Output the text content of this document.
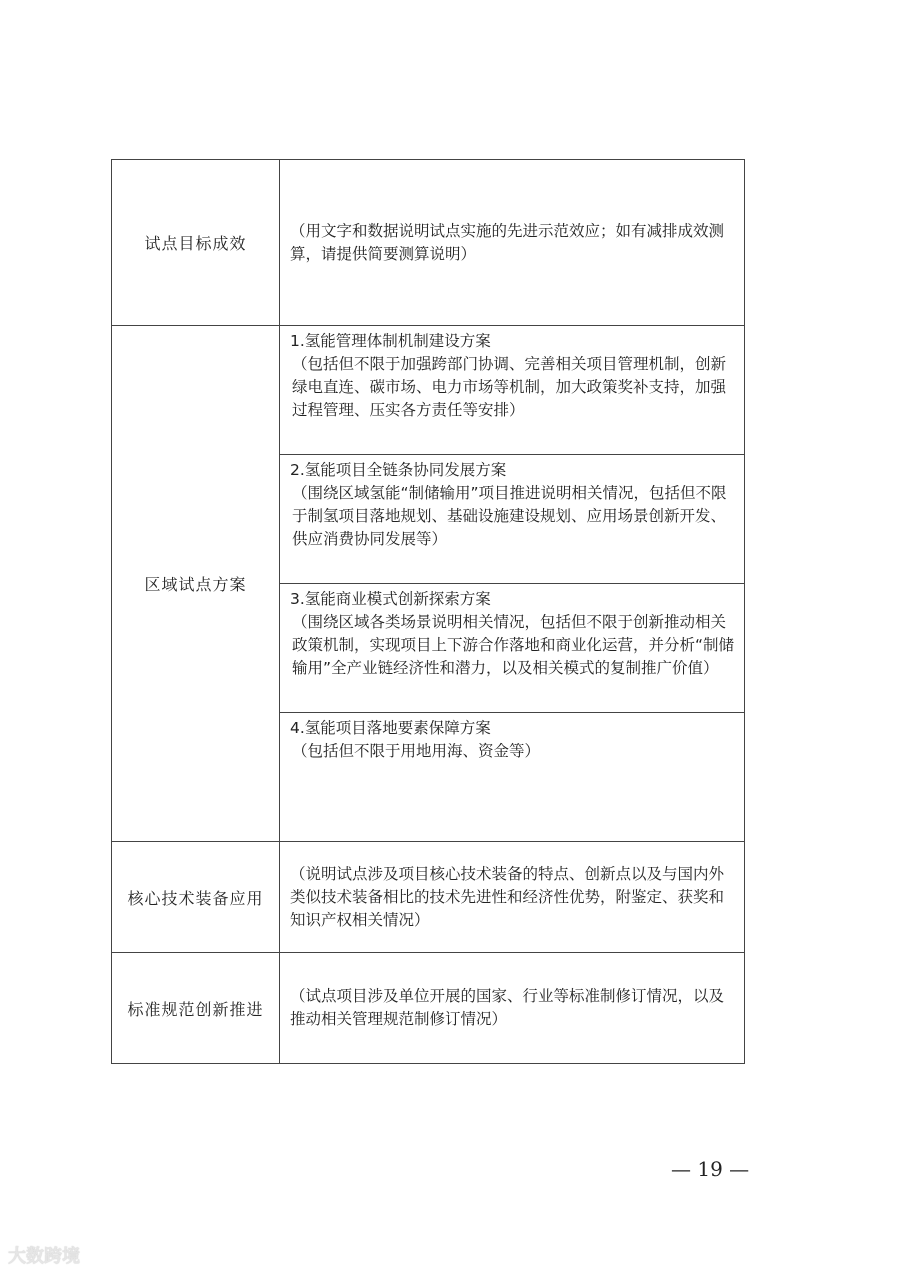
试点目标成效	（用文字和数据说明试点实施的先进示范效应；如有减排成效测算，请提供简要测算说明）
区域试点方案	1.氢能管理体制机制建设方案

（包括但不限于加强跨部门协调、完善相关项目管理机制，创新绿电直连、碳市场、电力市场等机制，加大政策奖补支持，加强过程管理、压实各方责任等安排）

	2.氢能项目全链条协同发展方案

（围绕区域氢能“制储输用”项目推进说明相关情况，包括但不限于制氢项目落地规划、基础设施建设规划、应用场景创新开发、供应消费协同发展等）

	3.氢能商业模式创新探索方案

（围绕区域各类场景说明相关情况，包括但不限于创新推动相关政策机制，实现项目上下游合作落地和商业化运营，并分析“制储输用”全产业链经济性和潜力，以及相关模式的复制推广价值）

	4.氢能项目落地要素保障方案

（包括但不限于用地用海、资金等）

核心技术装备应用	（说明试点涉及项目核心技术装备的特点、创新点以及与国内外类似技术装备相比的技术先进性和经济性优势，附鉴定、获奖和知识产权相关情况）
标准规范创新推进	（试点项目涉及单位开展的国家、行业等标准制修订情况，以及推动相关管理规范制修订情况）
— 19 —
大数跨境
